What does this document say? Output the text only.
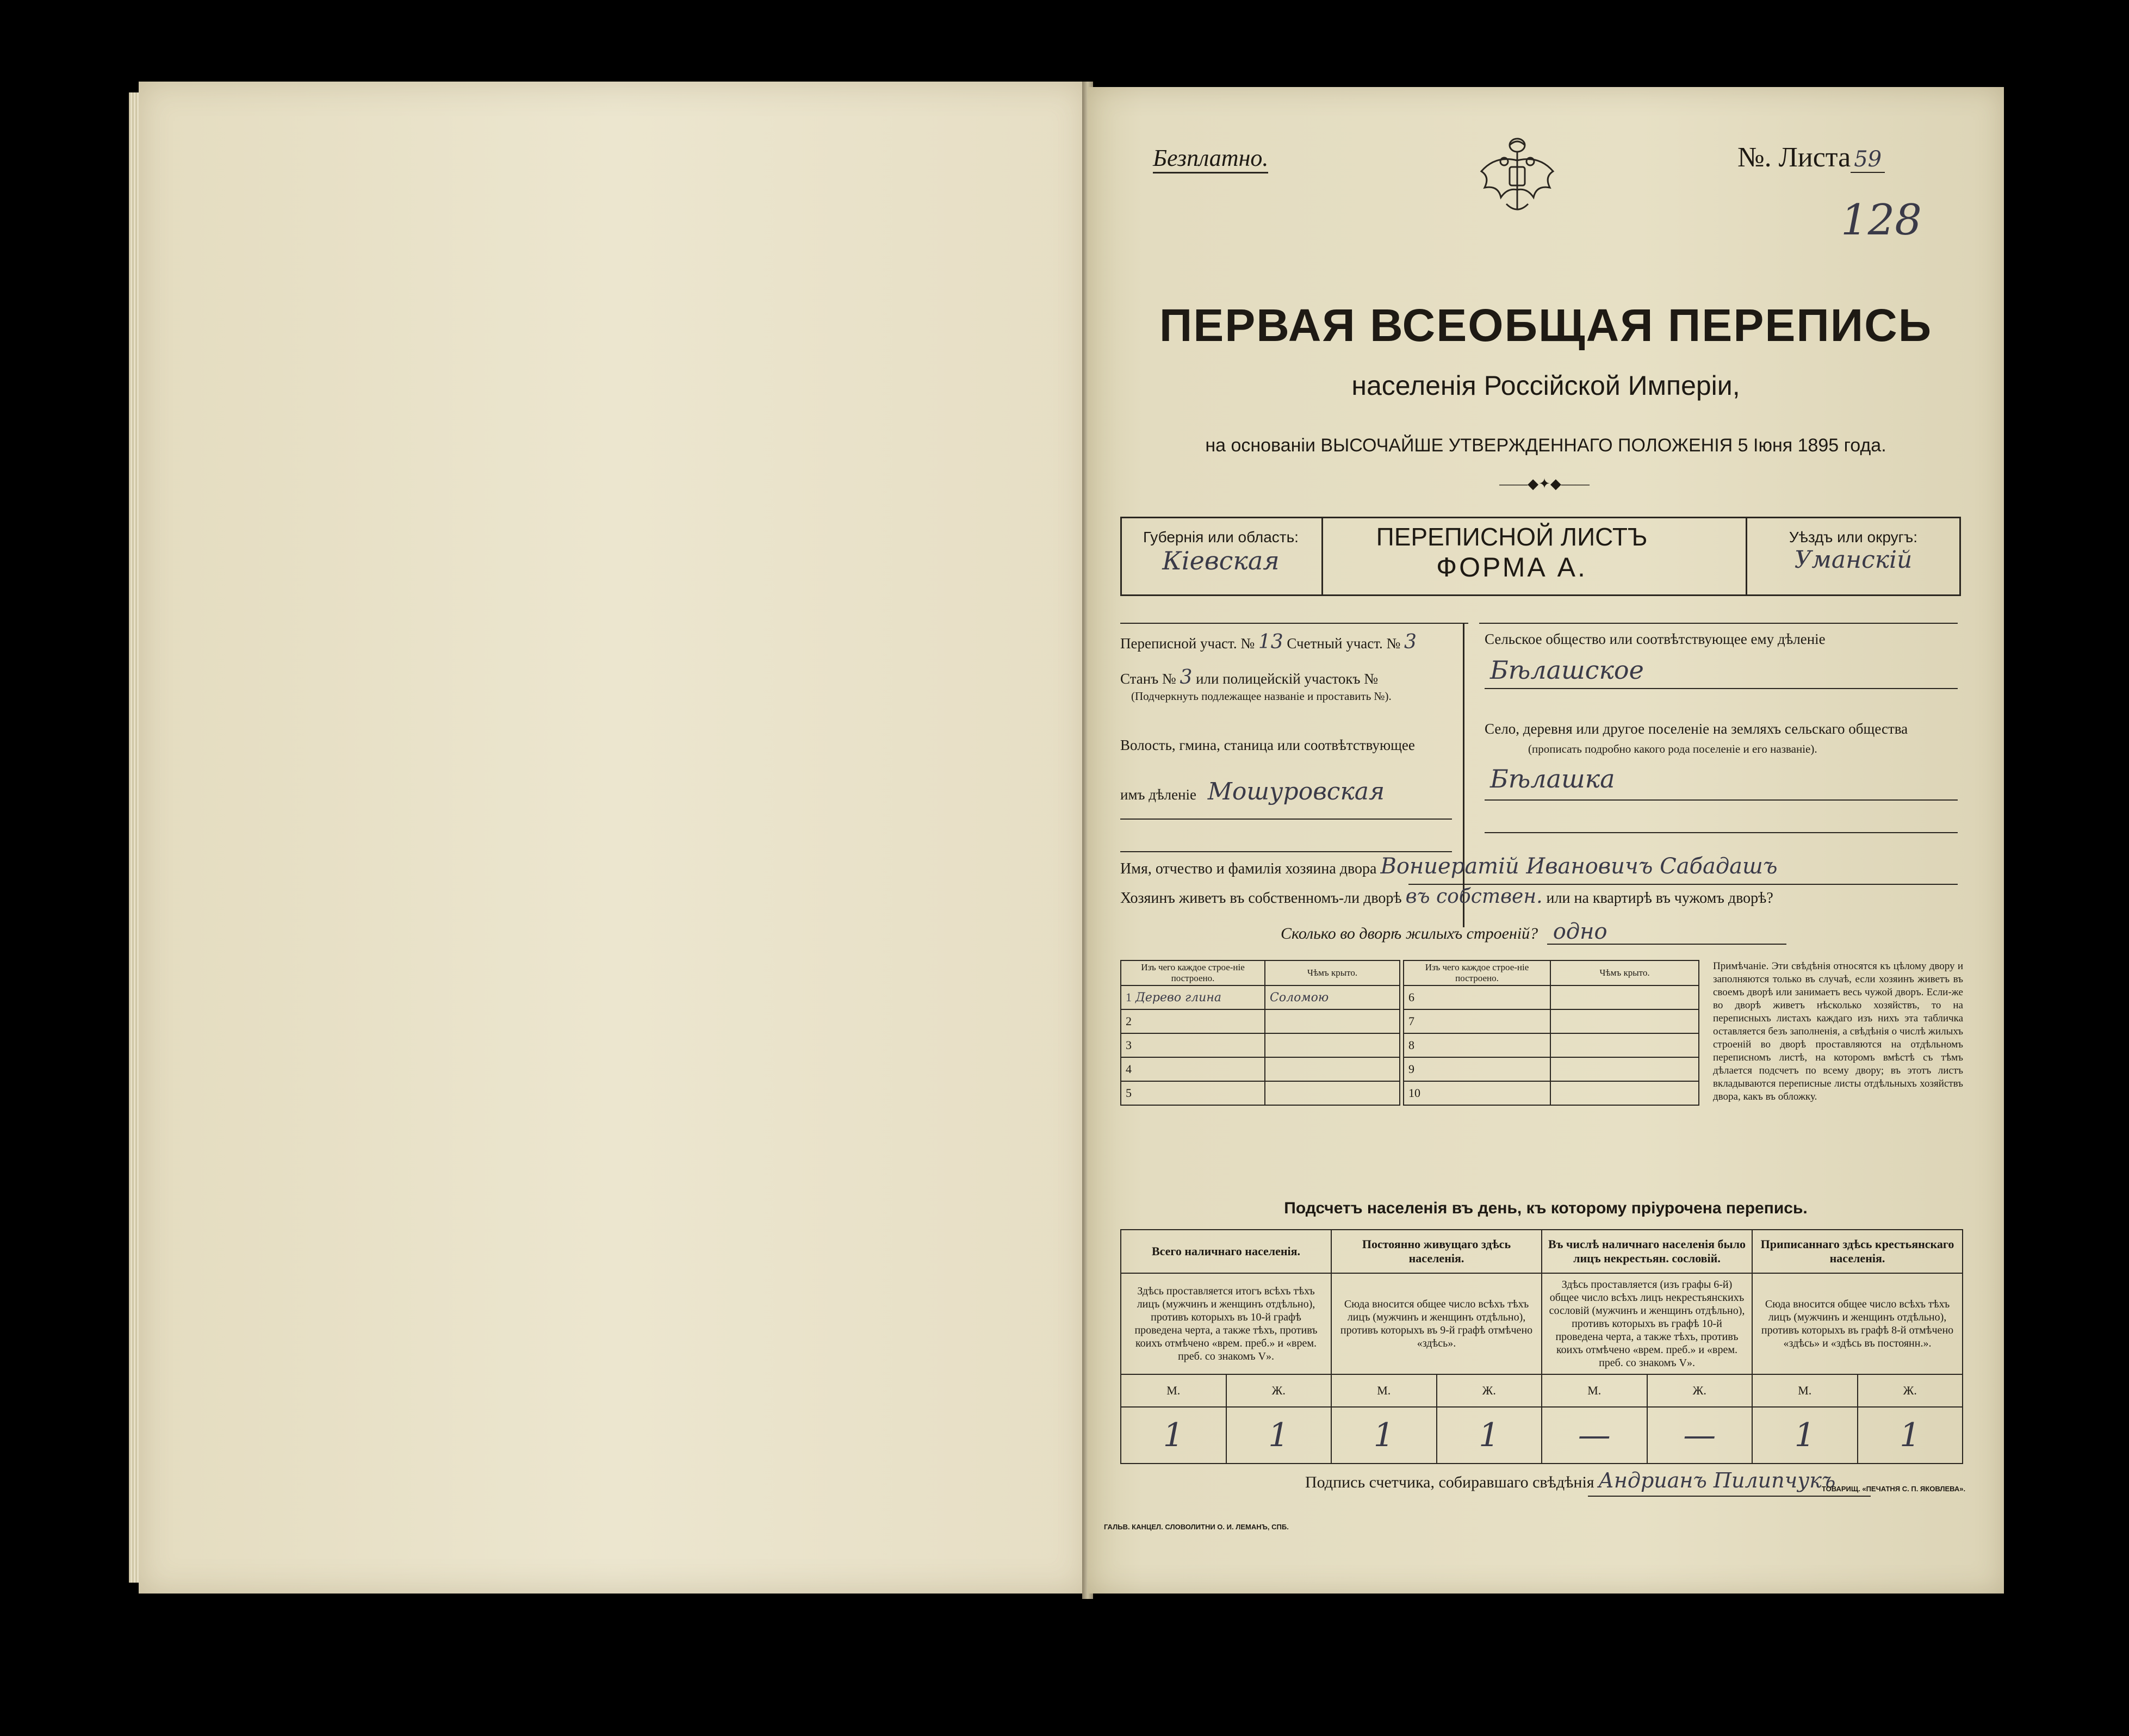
Безплатно.	№. Листа 59
128
ПЕРВАЯ ВСЕОБЩАЯ ПЕРЕПИСЬ
населенія Россійской Имперіи,
на основаніи ВЫСОЧАЙШЕ УТВЕРЖДЕННАГО ПОЛОЖЕНІЯ 5 Іюня 1895 года.
——◆✦◆——
Губернія или область:
Кіевская
ПЕРЕПИСНОЙ ЛИСТЪ
ФОРМА А.
Уѣздъ или округъ:
Уманскій
Переписной участ. № 13 Счетный участ. № 3
Станъ № 3 или полицейскій участокъ №
(Подчеркнуть подлежащее названіе и проставить №).
Волость, гмина, станица или соотвѣтствующее
имъ дѣленіе Мошуровская
Сельское общество или соотвѣтствующее ему дѣленіе
Бѣлашское
Село, деревня или другое поселеніе на земляхъ сельскаго общества
(прописать подробно какого рода поселеніе и его названіе).
Бѣлашка
Имя, отчество и фамилія хозяина двора Вониератій Ивановичъ Сабадашъ
Хозяинъ живетъ въ собственномъ-ли дворѣ въ собствен. или на квартирѣ въ чужомъ дворѣ?
Сколько во дворѣ жилыхъ строеній? одно
Изъ чего каждое строе-ніе построено.	Чѣмъ крыто.
1 Дерево глина	Соломою
2	
3	
4	
5	
Изъ чего каждое строе-ніе построено.	Чѣмъ крыто.
6	
7	
8	
9	
10	
Примѣчаніе. Эти свѣдѣнія относятся къ цѣлому двору и заполняются только въ случаѣ, если хозяинъ живетъ въ своемъ дворѣ или занимаетъ весь чужой дворъ. Если-же во дворѣ живетъ нѣсколько хозяйствъ, то на переписныхъ листахъ каждаго изъ нихъ эта табличка оставляется безъ заполненія, а свѣдѣнія о числѣ жилыхъ строеній во дворѣ проставляются на отдѣльномъ переписномъ листѣ, на которомъ вмѣстѣ съ тѣмъ дѣлается подсчетъ по всему двору; въ этотъ листъ вкладываются переписные листы отдѣльныхъ хозяйствъ двора, какъ въ обложку.
Подсчетъ населенія въ день, къ которому пріурочена перепись.
Всего наличнаго населенія.		Постоянно живущаго здѣсь населенія.		Въ числѣ наличнаго населенія было лицъ некрестьян. сословій.		Приписаннаго здѣсь крестьянскаго населенія.	
Здѣсь проставляется итогъ всѣхъ тѣхъ лицъ (мужчинъ и женщинъ отдѣльно), противъ которыхъ въ 10-й графѣ проведена черта, а также тѣхъ, противъ коихъ отмѣчено «врем. преб.» и «врем. преб. со знакомъ V».		Сюда вносится общее число всѣхъ тѣхъ лицъ (мужчинъ и женщинъ отдѣльно), противъ которыхъ въ 9-й графѣ отмѣчено «здѣсь».		Здѣсь проставляется (изъ графы 6-й) общее число всѣхъ лицъ некрестьянскихъ сословій (мужчинъ и женщинъ отдѣльно), противъ которыхъ въ графѣ 10-й проведена черта, а также тѣхъ, противъ коихъ отмѣчено «врем. преб.» и «врем. преб. со знакомъ V».		Сюда вносится общее число всѣхъ тѣхъ лицъ (мужчинъ и женщинъ отдѣльно), противъ которыхъ въ графѣ 8-й отмѣчено «здѣсь» и «здѣсь въ постоянн.».	
М.	Ж.	М.	Ж.	М.	Ж.	М.	Ж.
1	1	1	1	—	—	1	1
Подпись счетчика, собиравшаго свѣдѣнія Андрианъ Пилипчукъ
ГАЛЬВ. КАНЦЕЛ. СЛОВОЛИТНИ О. И. ЛЕМАНЪ, СПБ.
ТОВАРИЩ. «ПЕЧАТНЯ С. П. ЯКОВЛЕВА».
